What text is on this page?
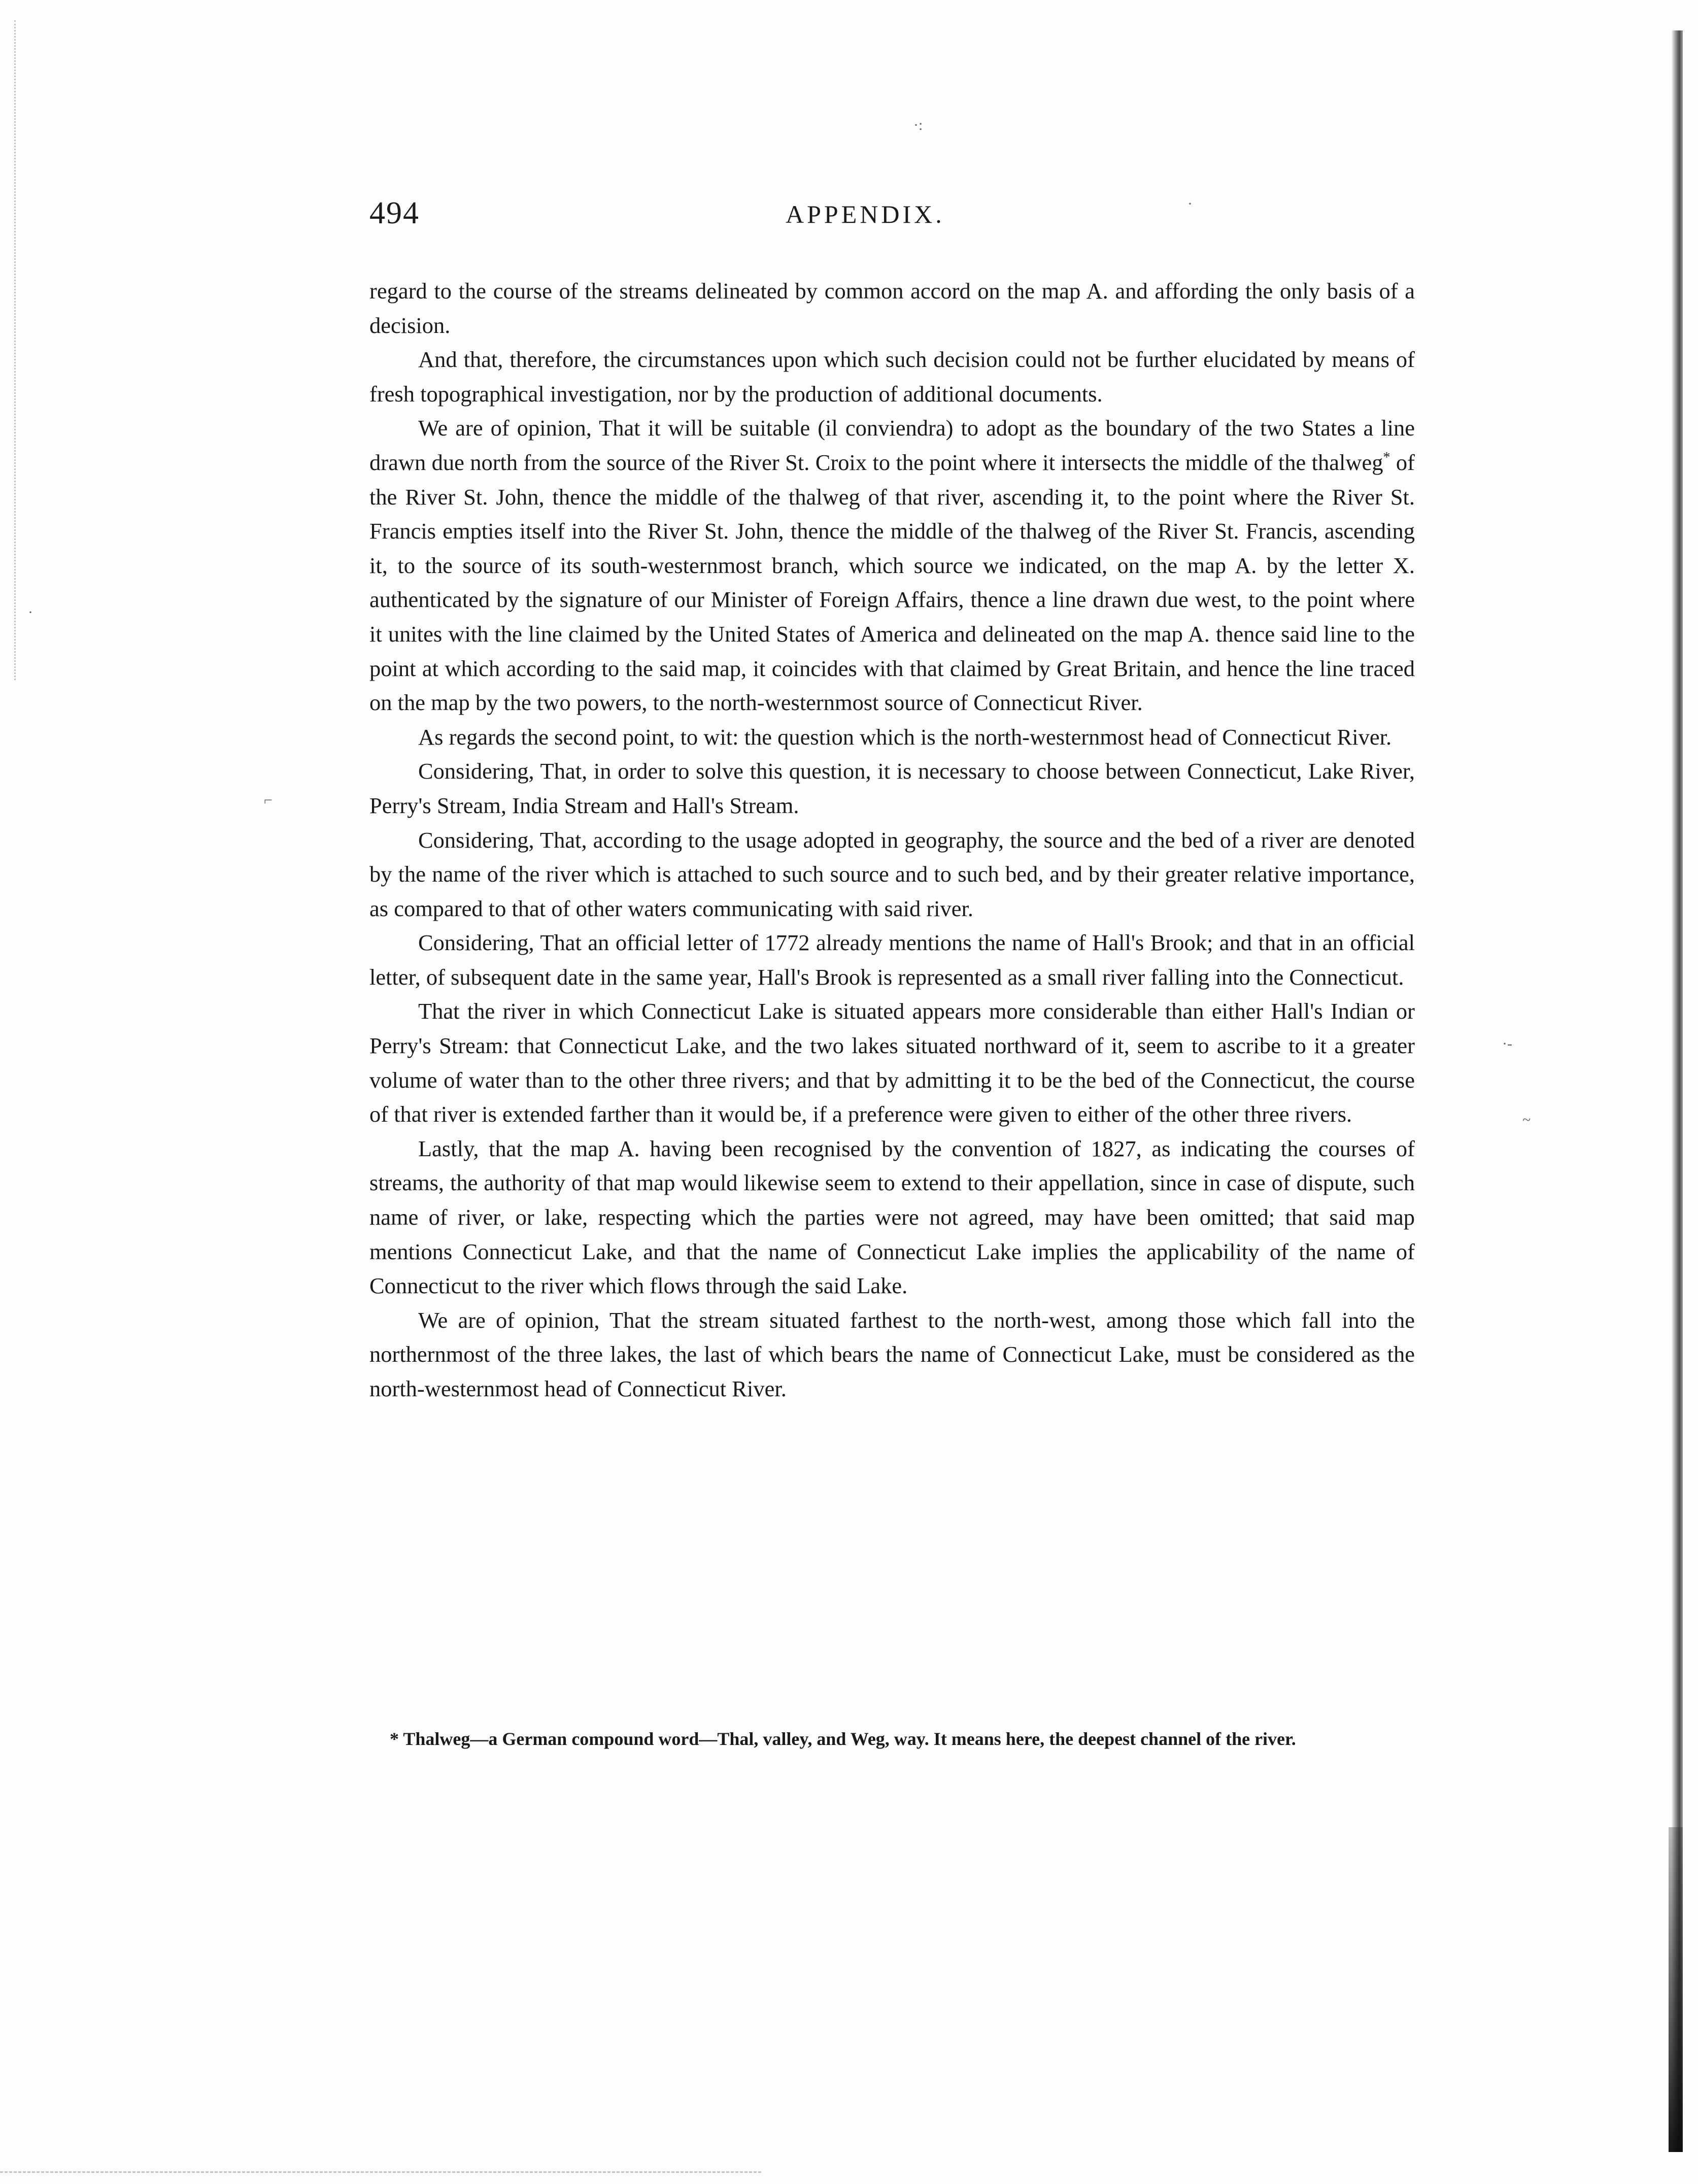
·:
·
·
⌐
·-
~
494	APPENDIX.

regard to the course of the streams delineated by common accord on the map A. and affording the only basis of a decision.

And that, therefore, the circumstances upon which such decision could not be further elucidated by means of fresh topographical investigation, nor by the production of additional documents.

We are of opinion, That it will be suitable (il conviendra) to adopt as the boundary of the two States a line drawn due north from the source of the River St. Croix to the point where it intersects the middle of the thalweg* of the River St. John, thence the middle of the thalweg of that river, ascending it, to the point where the River St. Francis empties itself into the River St. John, thence the middle of the thalweg of the River St. Francis, ascending it, to the source of its south-westernmost branch, which source we indicated, on the map A. by the letter X. authenticated by the signature of our Minister of Foreign Affairs, thence a line drawn due west, to the point where it unites with the line claimed by the United States of America and delineated on the map A. thence said line to the point at which according to the said map, it coincides with that claimed by Great Britain, and hence the line traced on the map by the two powers, to the north-westernmost source of Connecticut River.

As regards the second point, to wit: the question which is the north-westernmost head of Connecticut River.

Considering, That, in order to solve this question, it is necessary to choose between Connecticut, Lake River, Perry's Stream, India Stream and Hall's Stream.

Considering, That, according to the usage adopted in geography, the source and the bed of a river are denoted by the name of the river which is attached to such source and to such bed, and by their greater relative importance, as compared to that of other waters communicating with said river.

Considering, That an official letter of 1772 already mentions the name of Hall's Brook; and that in an official letter, of subsequent date in the same year, Hall's Brook is represented as a small river falling into the Connecticut.

That the river in which Connecticut Lake is situated appears more considerable than either Hall's Indian or Perry's Stream: that Connecticut Lake, and the two lakes situated northward of it, seem to ascribe to it a greater volume of water than to the other three rivers; and that by admitting it to be the bed of the Connecticut, the course of that river is extended farther than it would be, if a preference were given to either of the other three rivers.

Lastly, that the map A. having been recognised by the convention of 1827, as indicating the courses of streams, the authority of that map would likewise seem to extend to their appellation, since in case of dispute, such name of river, or lake, respecting which the parties were not agreed, may have been omitted; that said map mentions Connecticut Lake, and that the name of Connecticut Lake implies the applicability of the name of Connecticut to the river which flows through the said Lake.

We are of opinion, That the stream situated farthest to the north-west, among those which fall into the northernmost of the three lakes, the last of which bears the name of Connecticut Lake, must be considered as the north-westernmost head of Connecticut River.

* Thalweg—a German compound word—Thal, valley, and Weg, way. It means here, the deepest channel of the river.
